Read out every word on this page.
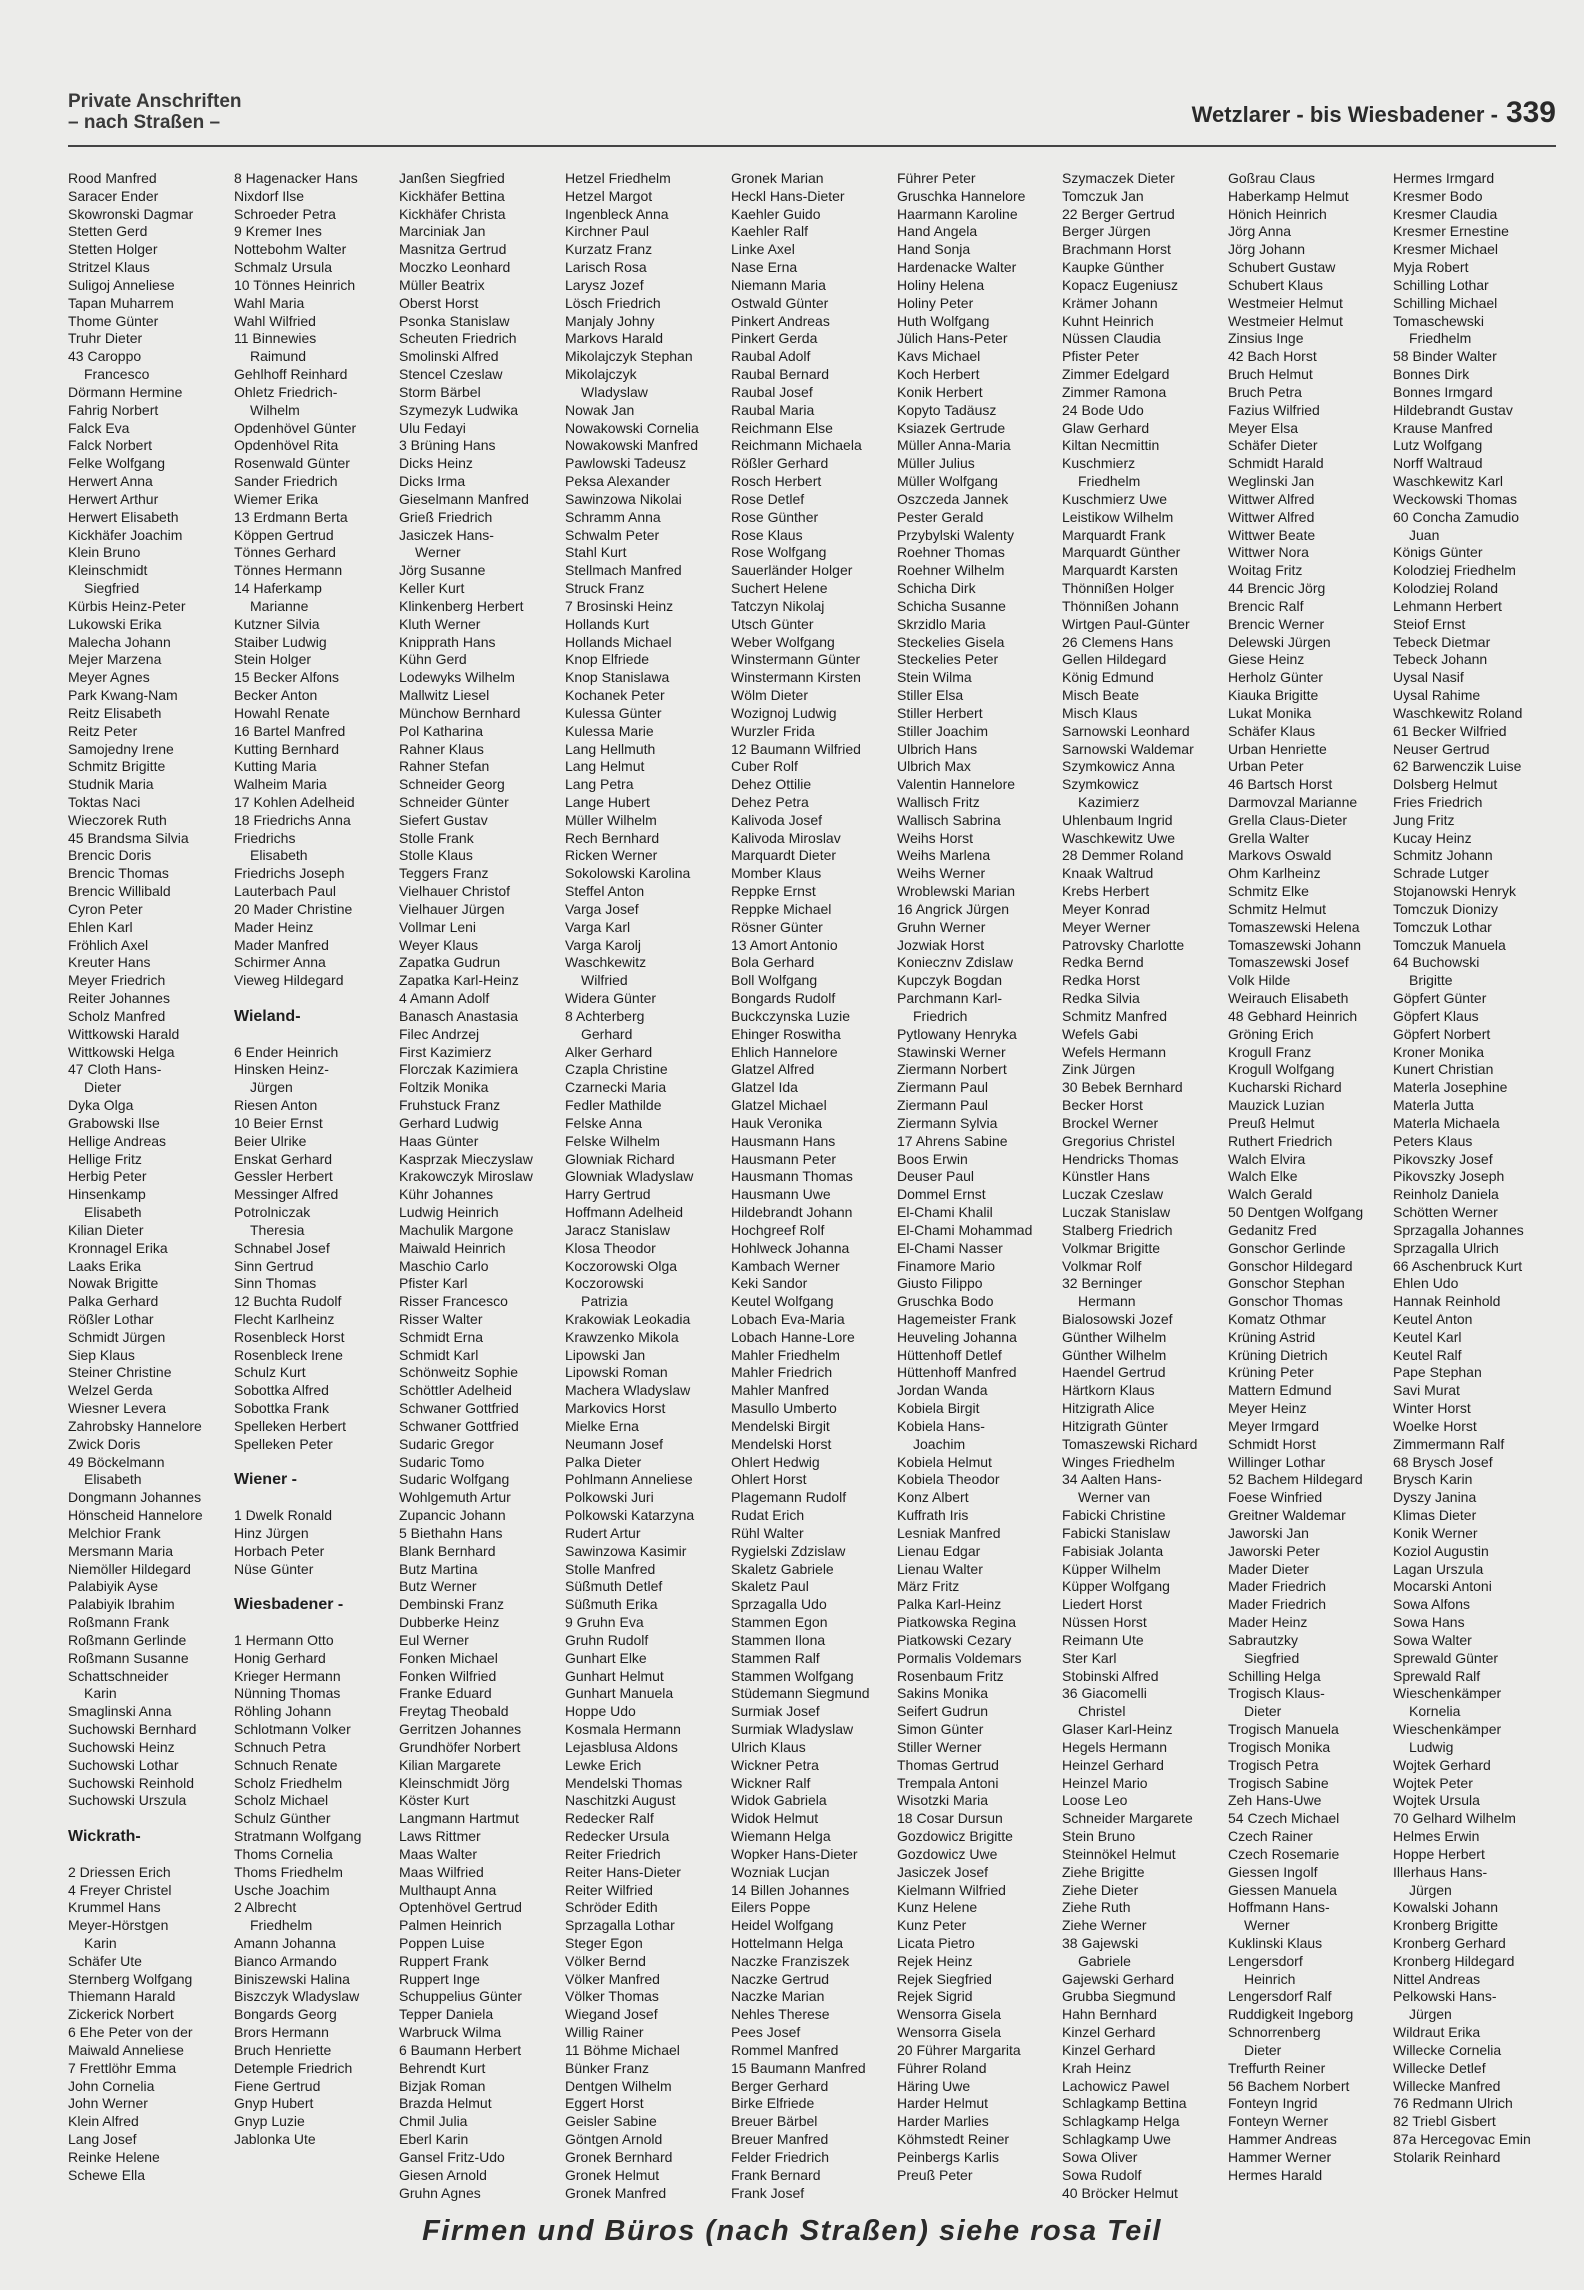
Private Anschriften
– nach Straßen –	Wetzlarer - bis Wiesbadener - 339
Rood Manfred
Saracer Ender
Skowronski Dagmar
Stetten Gerd
Stetten Holger
Stritzel Klaus
Suligoj Anneliese
Tapan Muharrem
Thome Günter
Truhr Dieter
43 Caroppo
Francesco
Dörmann Hermine
Fahrig Norbert
Falck Eva
Falck Norbert
Felke Wolfgang
Herwert Anna
Herwert Arthur
Herwert Elisabeth
Kickhäfer Joachim
Klein Bruno
Kleinschmidt
Siegfried
Kürbis Heinz-Peter
Lukowski Erika
Malecha Johann
Mejer Marzena
Meyer Agnes
Park Kwang-Nam
Reitz Elisabeth
Reitz Peter
Samojedny Irene
Schmitz Brigitte
Studnik Maria
Toktas Naci
Wieczorek Ruth
45 Brandsma Silvia
Brencic Doris
Brencic Thomas
Brencic Willibald
Cyron Peter
Ehlen Karl
Fröhlich Axel
Kreuter Hans
Meyer Friedrich
Reiter Johannes
Scholz Manfred
Wittkowski Harald
Wittkowski Helga
47 Cloth Hans-
Dieter
Dyka Olga
Grabowski Ilse
Hellige Andreas
Hellige Fritz
Herbig Peter
Hinsenkamp
Elisabeth
Kilian Dieter
Kronnagel Erika
Laaks Erika
Nowak Brigitte
Palka Gerhard
Rößler Lothar
Schmidt Jürgen
Siep Klaus
Steiner Christine
Welzel Gerda
Wiesner Levera
Zahrobsky Hannelore
Zwick Doris
49 Böckelmann
Elisabeth
Dongmann Johannes
Hönscheid Hannelore
Melchior Frank
Mersmann Maria
Niemöller Hildegard
Palabiyik Ayse
Palabiyik Ibrahim
Roßmann Frank
Roßmann Gerlinde
Roßmann Susanne
Schattschneider
Karin
Smaglinski Anna
Suchowski Bernhard
Suchowski Heinz
Suchowski Lothar
Suchowski Reinhold
Suchowski Urszula
Wickrath-
2 Driessen Erich
4 Freyer Christel
Krummel Hans
Meyer-Hörstgen
Karin
Schäfer Ute
Sternberg Wolfgang
Thiemann Harald
Zickerick Norbert
6 Ehe Peter von der
Maiwald Anneliese
7 Frettlöhr Emma
John Cornelia
John Werner
Klein Alfred
Lang Josef
Reinke Helene
Schewe Ella
8 Hagenacker Hans
Nixdorf Ilse
Schroeder Petra
9 Kremer Ines
Nottebohm Walter
Schmalz Ursula
10 Tönnes Heinrich
Wahl Maria
Wahl Wilfried
11 Binnewies
Raimund
Gehlhoff Reinhard
Ohletz Friedrich-
Wilhelm
Opdenhövel Günter
Opdenhövel Rita
Rosenwald Günter
Sander Friedrich
Wiemer Erika
13 Erdmann Berta
Köppen Gertrud
Tönnes Gerhard
Tönnes Hermann
14 Haferkamp
Marianne
Kutzner Silvia
Staiber Ludwig
Stein Holger
15 Becker Alfons
Becker Anton
Howahl Renate
16 Bartel Manfred
Kutting Bernhard
Kutting Maria
Walheim Maria
17 Kohlen Adelheid
18 Friedrichs Anna
Friedrichs
Elisabeth
Friedrichs Joseph
Lauterbach Paul
20 Mader Christine
Mader Heinz
Mader Manfred
Schirmer Anna
Vieweg Hildegard
Wieland-
6 Ender Heinrich
Hinsken Heinz-
Jürgen
Riesen Anton
10 Beier Ernst
Beier Ulrike
Enskat Gerhard
Gessler Herbert
Messinger Alfred
Potrolniczak
Theresia
Schnabel Josef
Sinn Gertrud
Sinn Thomas
12 Buchta Rudolf
Flecht Karlheinz
Rosenbleck Horst
Rosenbleck Irene
Schulz Kurt
Sobottka Alfred
Sobottka Frank
Spelleken Herbert
Spelleken Peter
Wiener -
1 Dwelk Ronald
Hinz Jürgen
Horbach Peter
Nüse Günter
Wiesbadener -
1 Hermann Otto
Honig Gerhard
Krieger Hermann
Nünning Thomas
Röhling Johann
Schlotmann Volker
Schnuch Petra
Schnuch Renate
Scholz Friedhelm
Scholz Michael
Schulz Günther
Stratmann Wolfgang
Thoms Cornelia
Thoms Friedhelm
Usche Joachim
2 Albrecht
Friedhelm
Amann Johanna
Bianco Armando
Biniszewski Halina
Biszczyk Wladyslaw
Bongards Georg
Brors Hermann
Bruch Henriette
Detemple Friedrich
Fiene Gertrud
Gnyp Hubert
Gnyp Luzie
Jablonka Ute
Janßen Siegfried
Kickhäfer Bettina
Kickhäfer Christa
Marciniak Jan
Masnitza Gertrud
Moczko Leonhard
Müller Beatrix
Oberst Horst
Psonka Stanislaw
Scheuten Friedrich
Smolinski Alfred
Stencel Czeslaw
Storm Bärbel
Szymezyk Ludwika
Ulu Fedayi
3 Brüning Hans
Dicks Heinz
Dicks Irma
Gieselmann Manfred
Grieß Friedrich
Jasiczek Hans-
Werner
Jörg Susanne
Keller Kurt
Klinkenberg Herbert
Kluth Werner
Knipprath Hans
Kühn Gerd
Lodewyks Wilhelm
Mallwitz Liesel
Münchow Bernhard
Pol Katharina
Rahner Klaus
Rahner Stefan
Schneider Georg
Schneider Günter
Siefert Gustav
Stolle Frank
Stolle Klaus
Teggers Franz
Vielhauer Christof
Vielhauer Jürgen
Vollmar Leni
Weyer Klaus
Zapatka Gudrun
Zapatka Karl-Heinz
4 Amann Adolf
Banasch Anastasia
Filec Andrzej
First Kazimierz
Florczak Kazimiera
Foltzik Monika
Fruhstuck Franz
Gerhard Ludwig
Haas Günter
Kasprzak Mieczyslaw
Krakowczyk Miroslaw
Kühr Johannes
Ludwig Heinrich
Machulik Margone
Maiwald Heinrich
Maschio Carlo
Pfister Karl
Risser Francesco
Risser Walter
Schmidt Erna
Schmidt Karl
Schönweitz Sophie
Schöttler Adelheid
Schwaner Gottfried
Schwaner Gottfried
Sudaric Gregor
Sudaric Tomo
Sudaric Wolfgang
Wohlgemuth Artur
Zupancic Johann
5 Biethahn Hans
Blank Bernhard
Butz Martina
Butz Werner
Dembinski Franz
Dubberke Heinz
Eul Werner
Fonken Michael
Fonken Wilfried
Franke Eduard
Freytag Theobald
Gerritzen Johannes
Grundhöfer Norbert
Kilian Margarete
Kleinschmidt Jörg
Köster Kurt
Langmann Hartmut
Laws Rittmer
Maas Walter
Maas Wilfried
Multhaupt Anna
Optenhövel Gertrud
Palmen Heinrich
Poppen Luise
Ruppert Frank
Ruppert Inge
Schuppelius Günter
Tepper Daniela
Warbruck Wilma
6 Baumann Herbert
Behrendt Kurt
Bizjak Roman
Brazda Helmut
Chmil Julia
Eberl Karin
Gansel Fritz-Udo
Giesen Arnold
Gruhn Agnes
Hetzel Friedhelm
Hetzel Margot
Ingenbleck Anna
Kirchner Paul
Kurzatz Franz
Larisch Rosa
Larysz Jozef
Lösch Friedrich
Manjaly Johny
Markovs Harald
Mikolajczyk Stephan
Mikolajczyk
Wladyslaw
Nowak Jan
Nowakowski Cornelia
Nowakowski Manfred
Pawlowski Tadeusz
Peksa Alexander
Sawinzowa Nikolai
Schramm Anna
Schwalm Peter
Stahl Kurt
Stellmach Manfred
Struck Franz
7 Brosinski Heinz
Hollands Kurt
Hollands Michael
Knop Elfriede
Knop Stanislawa
Kochanek Peter
Kulessa Günter
Kulessa Marie
Lang Hellmuth
Lang Helmut
Lang Petra
Lange Hubert
Müller Wilhelm
Rech Bernhard
Ricken Werner
Sokolowski Karolina
Steffel Anton
Varga Josef
Varga Karl
Varga Karolj
Waschkewitz
Wilfried
Widera Günter
8 Achterberg
Gerhard
Alker Gerhard
Czapla Christine
Czarnecki Maria
Fedler Mathilde
Felske Anna
Felske Wilhelm
Glowniak Richard
Glowniak Wladyslaw
Harry Gertrud
Hoffmann Adelheid
Jaracz Stanislaw
Klosa Theodor
Koczorowski Olga
Koczorowski
Patrizia
Krakowiak Leokadia
Krawzenko Mikola
Lipowski Jan
Lipowski Roman
Machera Wladyslaw
Markovics Horst
Mielke Erna
Neumann Josef
Palka Dieter
Pohlmann Anneliese
Polkowski Juri
Polkowski Katarzyna
Rudert Artur
Sawinzowa Kasimir
Stolle Manfred
Süßmuth Detlef
Süßmuth Erika
9 Gruhn Eva
Gruhn Rudolf
Gunhart Elke
Gunhart Helmut
Gunhart Manuela
Hoppe Udo
Kosmala Hermann
Lejasblusa Aldons
Lewke Erich
Mendelski Thomas
Naschitzki August
Redecker Ralf
Redecker Ursula
Reiter Friedrich
Reiter Hans-Dieter
Reiter Wilfried
Schröder Edith
Sprzagalla Lothar
Steger Egon
Völker Bernd
Völker Manfred
Völker Thomas
Wiegand Josef
Willig Rainer
11 Böhme Michael
Bünker Franz
Dentgen Wilhelm
Eggert Horst
Geisler Sabine
Göntgen Arnold
Gronek Bernhard
Gronek Helmut
Gronek Manfred
Gronek Marian
Heckl Hans-Dieter
Kaehler Guido
Kaehler Ralf
Linke Axel
Nase Erna
Niemann Maria
Ostwald Günter
Pinkert Andreas
Pinkert Gerda
Raubal Adolf
Raubal Bernard
Raubal Josef
Raubal Maria
Reichmann Else
Reichmann Michaela
Rößler Gerhard
Rosch Herbert
Rose Detlef
Rose Günther
Rose Klaus
Rose Wolfgang
Sauerländer Holger
Suchert Helene
Tatczyn Nikolaj
Utsch Günter
Weber Wolfgang
Winstermann Günter
Winstermann Kirsten
Wölm Dieter
Wozignoj Ludwig
Wurzler Frida
12 Baumann Wilfried
Cuber Rolf
Dehez Ottilie
Dehez Petra
Kalivoda Josef
Kalivoda Miroslav
Marquardt Dieter
Momber Klaus
Reppke Ernst
Reppke Michael
Rösner Günter
13 Amort Antonio
Bola Gerhard
Boll Wolfgang
Bongards Rudolf
Buckczynska Luzie
Ehinger Roswitha
Ehlich Hannelore
Glatzel Alfred
Glatzel Ida
Glatzel Michael
Hauk Veronika
Hausmann Hans
Hausmann Peter
Hausmann Thomas
Hausmann Uwe
Hildebrandt Johann
Hochgreef Rolf
Hohlweck Johanna
Kambach Werner
Keki Sandor
Keutel Wolfgang
Lobach Eva-Maria
Lobach Hanne-Lore
Mahler Friedhelm
Mahler Friedrich
Mahler Manfred
Masullo Umberto
Mendelski Birgit
Mendelski Horst
Ohlert Hedwig
Ohlert Horst
Plagemann Rudolf
Rudat Erich
Rühl Walter
Rygielski Zdzislaw
Skaletz Gabriele
Skaletz Paul
Sprzagalla Udo
Stammen Egon
Stammen Ilona
Stammen Ralf
Stammen Wolfgang
Stüdemann Siegmund
Surmiak Josef
Surmiak Wladyslaw
Ulrich Klaus
Wickner Petra
Wickner Ralf
Widok Gabriela
Widok Helmut
Wiemann Helga
Wopker Hans-Dieter
Wozniak Lucjan
14 Billen Johannes
Eilers Poppe
Heidel Wolfgang
Hottelmann Helga
Naczke Franziszek
Naczke Gertrud
Naczke Marian
Nehles Therese
Pees Josef
Rommel Manfred
15 Baumann Manfred
Berger Gerhard
Birke Elfriede
Breuer Bärbel
Breuer Manfred
Felder Friedrich
Frank Bernard
Frank Josef
Führer Peter
Gruschka Hannelore
Haarmann Karoline
Hand Angela
Hand Sonja
Hardenacke Walter
Holiny Helena
Holiny Peter
Huth Wolfgang
Jülich Hans-Peter
Kavs Michael
Koch Herbert
Konik Herbert
Kopyto Tadäusz
Ksiazek Gertrude
Müller Anna-Maria
Müller Julius
Müller Wolfgang
Oszczeda Jannek
Pester Gerald
Przybylski Walenty
Roehner Thomas
Roehner Wilhelm
Schicha Dirk
Schicha Susanne
Skrzidlo Maria
Steckelies Gisela
Steckelies Peter
Stein Wilma
Stiller Elsa
Stiller Herbert
Stiller Joachim
Ulbrich Hans
Ulbrich Max
Valentin Hannelore
Wallisch Fritz
Wallisch Sabrina
Weihs Horst
Weihs Marlena
Weihs Werner
Wroblewski Marian
16 Angrick Jürgen
Gruhn Werner
Jozwiak Horst
Koniecznv Zdislaw
Kupczyk Bogdan
Parchmann Karl-
Friedrich
Pytlowany Henryka
Stawinski Werner
Ziermann Norbert
Ziermann Paul
Ziermann Paul
Ziermann Sylvia
17 Ahrens Sabine
Boos Erwin
Deuser Paul
Dommel Ernst
El-Chami Khalil
El-Chami Mohammad
El-Chami Nasser
Finamore Mario
Giusto Filippo
Gruschka Bodo
Hagemeister Frank
Heuveling Johanna
Hüttenhoff Detlef
Hüttenhoff Manfred
Jordan Wanda
Kobiela Birgit
Kobiela Hans-
Joachim
Kobiela Helmut
Kobiela Theodor
Konz Albert
Kuffrath Iris
Lesniak Manfred
Lienau Edgar
Lienau Walter
März Fritz
Palka Karl-Heinz
Piatkowska Regina
Piatkowski Cezary
Pormalis Voldemars
Rosenbaum Fritz
Sakins Monika
Seifert Gudrun
Simon Günter
Stiller Werner
Thomas Gertrud
Trempala Antoni
Wisotzki Maria
18 Cosar Dursun
Gozdowicz Brigitte
Gozdowicz Uwe
Jasiczek Josef
Kielmann Wilfried
Kunz Helene
Kunz Peter
Licata Pietro
Rejek Heinz
Rejek Siegfried
Rejek Sigrid
Wensorra Gisela
Wensorra Gisela
20 Führer Margarita
Führer Roland
Häring Uwe
Harder Helmut
Harder Marlies
Köhmstedt Reiner
Peinbergs Karlis
Preuß Peter
Szymaczek Dieter
Tomczuk Jan
22 Berger Gertrud
Berger Jürgen
Brachmann Horst
Kaupke Günther
Kopacz Eugeniusz
Krämer Johann
Kuhnt Heinrich
Nüssen Claudia
Pfister Peter
Zimmer Edelgard
Zimmer Ramona
24 Bode Udo
Glaw Gerhard
Kiltan Necmittin
Kuschmierz
Friedhelm
Kuschmierz Uwe
Leistikow Wilhelm
Marquardt Frank
Marquardt Günther
Marquardt Karsten
Thönnißen Holger
Thönnißen Johann
Wirtgen Paul-Günter
26 Clemens Hans
Gellen Hildegard
König Edmund
Misch Beate
Misch Klaus
Sarnowski Leonhard
Sarnowski Waldemar
Szymkowicz Anna
Szymkowicz
Kazimierz
Uhlenbaum Ingrid
Waschkewitz Uwe
28 Demmer Roland
Knaak Waltrud
Krebs Herbert
Meyer Konrad
Meyer Werner
Patrovsky Charlotte
Redka Bernd
Redka Horst
Redka Silvia
Schmitz Manfred
Wefels Gabi
Wefels Hermann
Zink Jürgen
30 Bebek Bernhard
Becker Horst
Brockel Werner
Gregorius Christel
Hendricks Thomas
Künstler Hans
Luczak Czeslaw
Luczak Stanislaw
Stalberg Friedrich
Volkmar Brigitte
Volkmar Rolf
32 Berninger
Hermann
Bialosowski Jozef
Günther Wilhelm
Günther Wilhelm
Haendel Gertrud
Härtkorn Klaus
Hitzigrath Alice
Hitzigrath Günter
Tomaszewski Richard
Winges Friedhelm
34 Aalten Hans-
Werner van
Fabicki Christine
Fabicki Stanislaw
Fabisiak Jolanta
Küpper Wilhelm
Küpper Wolfgang
Liedert Horst
Nüssen Horst
Reimann Ute
Ster Karl
Stobinski Alfred
36 Giacomelli
Christel
Glaser Karl-Heinz
Hegels Hermann
Heinzel Gerhard
Heinzel Mario
Loose Leo
Schneider Margarete
Stein Bruno
Steinnökel Helmut
Ziehe Brigitte
Ziehe Dieter
Ziehe Ruth
Ziehe Werner
38 Gajewski
Gabriele
Gajewski Gerhard
Grubba Siegmund
Hahn Bernhard
Kinzel Gerhard
Kinzel Gerhard
Krah Heinz
Lachowicz Pawel
Schlagkamp Bettina
Schlagkamp Helga
Schlagkamp Uwe
Sowa Oliver
Sowa Rudolf
40 Bröcker Helmut
Goßrau Claus
Haberkamp Helmut
Hönich Heinrich
Jörg Anna
Jörg Johann
Schubert Gustaw
Schubert Klaus
Westmeier Helmut
Westmeier Helmut
Zinsius Inge
42 Bach Horst
Bruch Helmut
Bruch Petra
Fazius Wilfried
Meyer Elsa
Schäfer Dieter
Schmidt Harald
Weglinski Jan
Wittwer Alfred
Wittwer Alfred
Wittwer Beate
Wittwer Nora
Woitag Fritz
44 Brencic Jörg
Brencic Ralf
Brencic Werner
Delewski Jürgen
Giese Heinz
Herholz Günter
Kiauka Brigitte
Lukat Monika
Schäfer Klaus
Urban Henriette
Urban Peter
46 Bartsch Horst
Darmovzal Marianne
Grella Claus-Dieter
Grella Walter
Markovs Oswald
Ohm Karlheinz
Schmitz Elke
Schmitz Helmut
Tomaszewski Helena
Tomaszewski Johann
Tomaszewski Josef
Volk Hilde
Weirauch Elisabeth
48 Gebhard Heinrich
Gröning Erich
Krogull Franz
Krogull Wolfgang
Kucharski Richard
Mauzick Luzian
Preuß Helmut
Ruthert Friedrich
Walch Elvira
Walch Elke
Walch Gerald
50 Dentgen Wolfgang
Gedanitz Fred
Gonschor Gerlinde
Gonschor Hildegard
Gonschor Stephan
Gonschor Thomas
Komatz Othmar
Krüning Astrid
Krüning Dietrich
Krüning Peter
Mattern Edmund
Meyer Heinz
Meyer Irmgard
Schmidt Horst
Willinger Lothar
52 Bachem Hildegard
Foese Winfried
Greitner Waldemar
Jaworski Jan
Jaworski Peter
Mader Dieter
Mader Friedrich
Mader Friedrich
Mader Heinz
Sabrautzky
Siegfried
Schilling Helga
Trogisch Klaus-
Dieter
Trogisch Manuela
Trogisch Monika
Trogisch Petra
Trogisch Sabine
Zeh Hans-Uwe
54 Czech Michael
Czech Rainer
Czech Rosemarie
Giessen Ingolf
Giessen Manuela
Hoffmann Hans-
Werner
Kuklinski Klaus
Lengersdorf
Heinrich
Lengersdorf Ralf
Ruddigkeit Ingeborg
Schnorrenberg
Dieter
Treffurth Reiner
56 Bachem Norbert
Fonteyn Ingrid
Fonteyn Werner
Hammer Andreas
Hammer Werner
Hermes Harald
Hermes Irmgard
Kresmer Bodo
Kresmer Claudia
Kresmer Ernestine
Kresmer Michael
Myja Robert
Schilling Lothar
Schilling Michael
Tomaschewski
Friedhelm
58 Binder Walter
Bonnes Dirk
Bonnes Irmgard
Hildebrandt Gustav
Krause Manfred
Lutz Wolfgang
Norff Waltraud
Waschkewitz Karl
Weckowski Thomas
60 Concha Zamudio
Juan
Königs Günter
Kolodziej Friedhelm
Kolodziej Roland
Lehmann Herbert
Steiof Ernst
Tebeck Dietmar
Tebeck Johann
Uysal Nasif
Uysal Rahime
Waschkewitz Roland
61 Becker Wilfried
Neuser Gertrud
62 Barwenczik Luise
Dolsberg Helmut
Fries Friedrich
Jung Fritz
Kucay Heinz
Schmitz Johann
Schrade Lutger
Stojanowski Henryk
Tomczuk Dionizy
Tomczuk Lothar
Tomczuk Manuela
64 Buchowski
Brigitte
Göpfert Günter
Göpfert Klaus
Göpfert Norbert
Kroner Monika
Kunert Christian
Materla Josephine
Materla Jutta
Materla Michaela
Peters Klaus
Pikovszky Josef
Pikovszky Joseph
Reinholz Daniela
Schötten Werner
Sprzagalla Johannes
Sprzagalla Ulrich
66 Aschenbruck Kurt
Ehlen Udo
Hannak Reinhold
Keutel Anton
Keutel Karl
Keutel Ralf
Pape Stephan
Savi Murat
Winter Horst
Woelke Horst
Zimmermann Ralf
68 Brysch Josef
Brysch Karin
Dyszy Janina
Klimas Dieter
Konik Werner
Koziol Augustin
Lagan Urszula
Mocarski Antoni
Sowa Alfons
Sowa Hans
Sowa Walter
Sprewald Günter
Sprewald Ralf
Wieschenkämper
Kornelia
Wieschenkämper
Ludwig
Wojtek Gerhard
Wojtek Peter
Wojtek Ursula
70 Gelhard Wilhelm
Helmes Erwin
Hoppe Herbert
Illerhaus Hans-
Jürgen
Kowalski Johann
Kronberg Brigitte
Kronberg Gerhard
Kronberg Hildegard
Nittel Andreas
Pelkowski Hans-
Jürgen
Wildraut Erika
Willecke Cornelia
Willecke Detlef
Willecke Manfred
76 Redmann Ulrich
82 Triebl Gisbert
87a Hercegovac Emin
Stolarik Reinhard
Firmen und Büros (nach Straßen) siehe rosa Teil
